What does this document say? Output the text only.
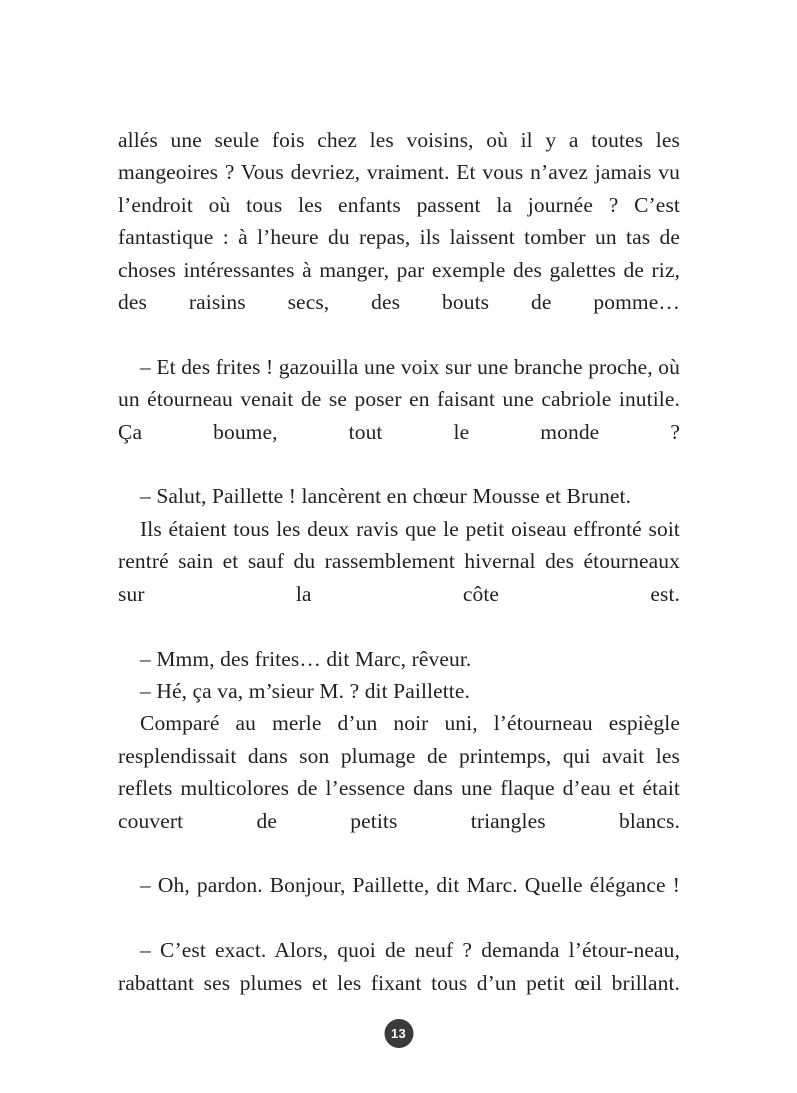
allés une seule fois chez les voisins, où il y a toutes les mangeoires ? Vous devriez, vraiment. Et vous n’avez jamais vu l’endroit où tous les enfants passent la journée ? C’est fantastique : à l’heure du repas, ils laissent tomber un tas de choses intéressantes à manger, par exemple des galettes de riz, des raisins secs, des bouts de pomme…

– Et des frites ! gazouilla une voix sur une branche proche, où un étourneau venait de se poser en faisant une cabriole inutile. Ça boume, tout le monde ?

– Salut, Paillette ! lancèrent en chœur Mousse et Brunet.

Ils étaient tous les deux ravis que le petit oiseau effronté soit rentré sain et sauf du rassemblement hivernal des étourneaux sur la côte est.

– Mmm, des frites… dit Marc, rêveur.

– Hé, ça va, m’sieur M. ? dit Paillette.

Comparé au merle d’un noir uni, l’étourneau espiègle resplendissait dans son plumage de printemps, qui avait les reflets multicolores de l’essence dans une flaque d’eau et était couvert de petits triangles blancs.

– Oh, pardon. Bonjour, Paillette, dit Marc. Quelle élégance !

– C’est exact. Alors, quoi de neuf ? demanda l’étour-neau, rabattant ses plumes et les fixant tous d’un petit œil brillant.

13
